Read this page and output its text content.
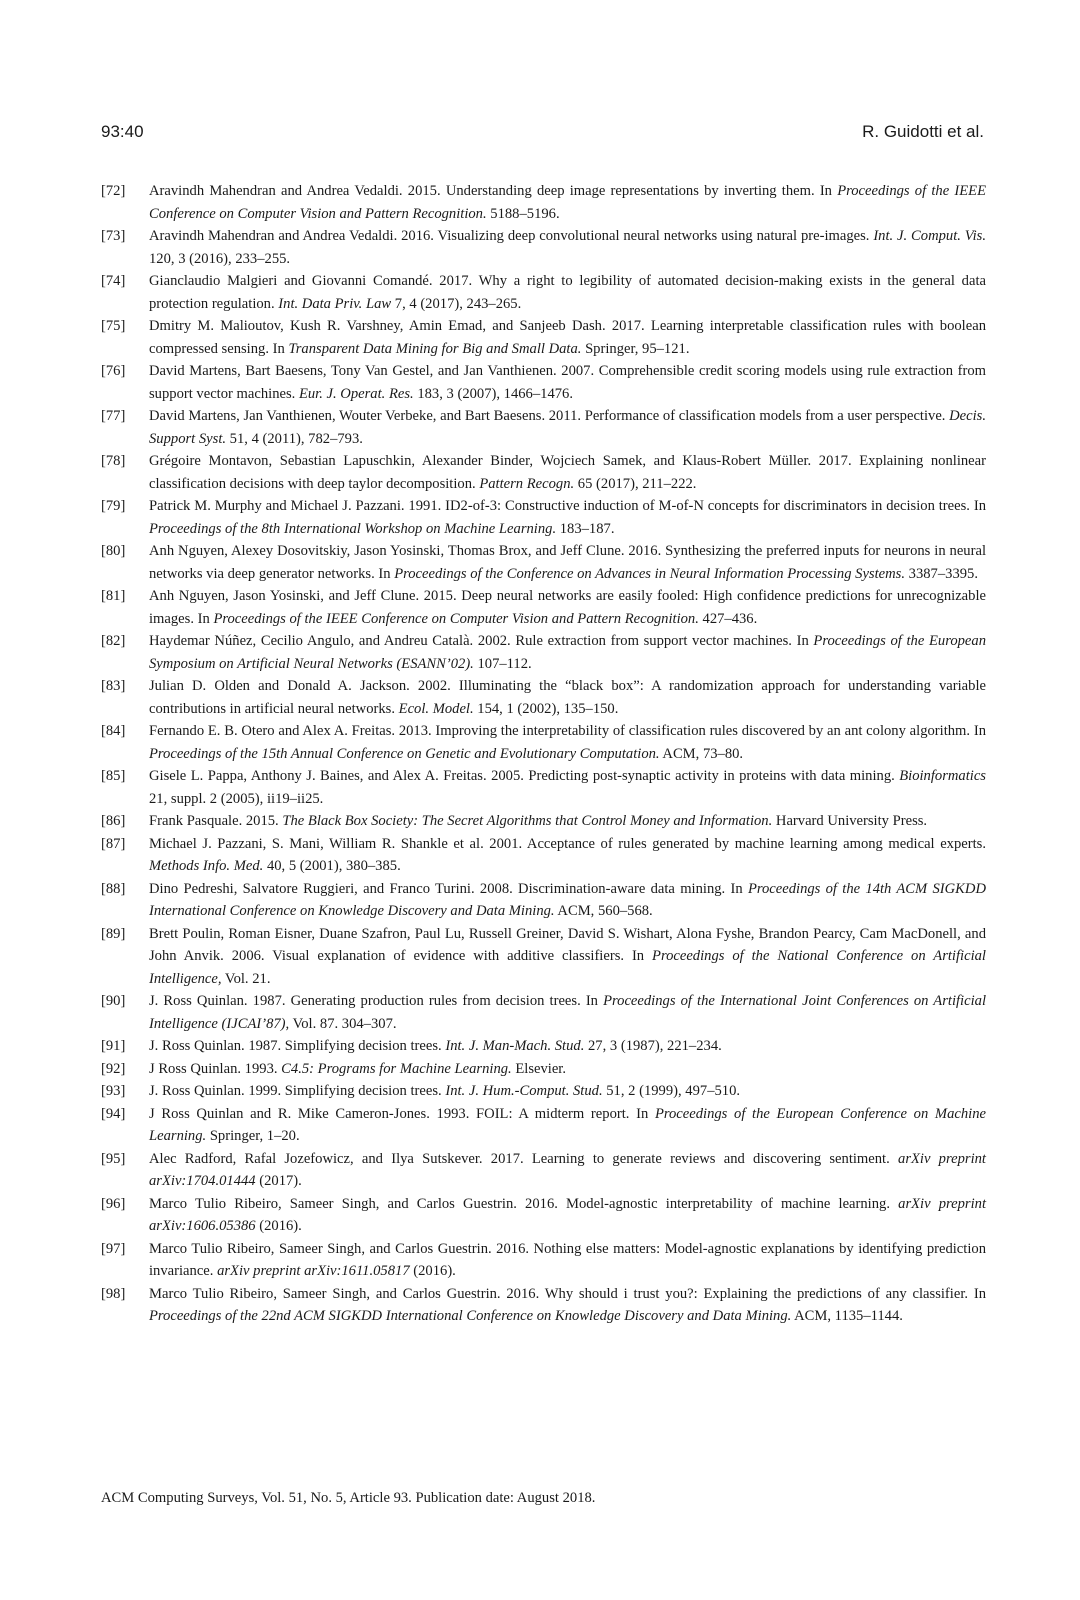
93:40	R. Guidotti et al.
[72] Aravindh Mahendran and Andrea Vedaldi. 2015. Understanding deep image representations by inverting them. In Proceedings of the IEEE Conference on Computer Vision and Pattern Recognition. 5188–5196.
[73] Aravindh Mahendran and Andrea Vedaldi. 2016. Visualizing deep convolutional neural networks using natural pre-images. Int. J. Comput. Vis. 120, 3 (2016), 233–255.
[74] Gianclaudio Malgieri and Giovanni Comandé. 2017. Why a right to legibility of automated decision-making exists in the general data protection regulation. Int. Data Priv. Law 7, 4 (2017), 243–265.
[75] Dmitry M. Malioutov, Kush R. Varshney, Amin Emad, and Sanjeeb Dash. 2017. Learning interpretable classification rules with boolean compressed sensing. In Transparent Data Mining for Big and Small Data. Springer, 95–121.
[76] David Martens, Bart Baesens, Tony Van Gestel, and Jan Vanthienen. 2007. Comprehensible credit scoring models using rule extraction from support vector machines. Eur. J. Operat. Res. 183, 3 (2007), 1466–1476.
[77] David Martens, Jan Vanthienen, Wouter Verbeke, and Bart Baesens. 2011. Performance of classification models from a user perspective. Decis. Support Syst. 51, 4 (2011), 782–793.
[78] Grégoire Montavon, Sebastian Lapuschkin, Alexander Binder, Wojciech Samek, and Klaus-Robert Müller. 2017. Explaining nonlinear classification decisions with deep taylor decomposition. Pattern Recogn. 65 (2017), 211–222.
[79] Patrick M. Murphy and Michael J. Pazzani. 1991. ID2-of-3: Constructive induction of M-of-N concepts for discriminators in decision trees. In Proceedings of the 8th International Workshop on Machine Learning. 183–187.
[80] Anh Nguyen, Alexey Dosovitskiy, Jason Yosinski, Thomas Brox, and Jeff Clune. 2016. Synthesizing the preferred inputs for neurons in neural networks via deep generator networks. In Proceedings of the Conference on Advances in Neural Information Processing Systems. 3387–3395.
[81] Anh Nguyen, Jason Yosinski, and Jeff Clune. 2015. Deep neural networks are easily fooled: High confidence predictions for unrecognizable images. In Proceedings of the IEEE Conference on Computer Vision and Pattern Recognition. 427–436.
[82] Haydemar Núñez, Cecilio Angulo, and Andreu Català. 2002. Rule extraction from support vector machines. In Proceedings of the European Symposium on Artificial Neural Networks (ESANN’02). 107–112.
[83] Julian D. Olden and Donald A. Jackson. 2002. Illuminating the “black box”: A randomization approach for understanding variable contributions in artificial neural networks. Ecol. Model. 154, 1 (2002), 135–150.
[84] Fernando E. B. Otero and Alex A. Freitas. 2013. Improving the interpretability of classification rules discovered by an ant colony algorithm. In Proceedings of the 15th Annual Conference on Genetic and Evolutionary Computation. ACM, 73–80.
[85] Gisele L. Pappa, Anthony J. Baines, and Alex A. Freitas. 2005. Predicting post-synaptic activity in proteins with data mining. Bioinformatics 21, suppl. 2 (2005), ii19–ii25.
[86] Frank Pasquale. 2015. The Black Box Society: The Secret Algorithms that Control Money and Information. Harvard University Press.
[87] Michael J. Pazzani, S. Mani, William R. Shankle et al. 2001. Acceptance of rules generated by machine learning among medical experts. Methods Info. Med. 40, 5 (2001), 380–385.
[88] Dino Pedreshi, Salvatore Ruggieri, and Franco Turini. 2008. Discrimination-aware data mining. In Proceedings of the 14th ACM SIGKDD International Conference on Knowledge Discovery and Data Mining. ACM, 560–568.
[89] Brett Poulin, Roman Eisner, Duane Szafron, Paul Lu, Russell Greiner, David S. Wishart, Alona Fyshe, Brandon Pearcy, Cam MacDonell, and John Anvik. 2006. Visual explanation of evidence with additive classifiers. In Proceedings of the National Conference on Artificial Intelligence, Vol. 21.
[90] J. Ross Quinlan. 1987. Generating production rules from decision trees. In Proceedings of the International Joint Conferences on Artificial Intelligence (IJCAI’87), Vol. 87. 304–307.
[91] J. Ross Quinlan. 1987. Simplifying decision trees. Int. J. Man-Mach. Stud. 27, 3 (1987), 221–234.
[92] J Ross Quinlan. 1993. C4.5: Programs for Machine Learning. Elsevier.
[93] J. Ross Quinlan. 1999. Simplifying decision trees. Int. J. Hum.-Comput. Stud. 51, 2 (1999), 497–510.
[94] J Ross Quinlan and R. Mike Cameron-Jones. 1993. FOIL: A midterm report. In Proceedings of the European Conference on Machine Learning. Springer, 1–20.
[95] Alec Radford, Rafal Jozefowicz, and Ilya Sutskever. 2017. Learning to generate reviews and discovering sentiment. arXiv preprint arXiv:1704.01444 (2017).
[96] Marco Tulio Ribeiro, Sameer Singh, and Carlos Guestrin. 2016. Model-agnostic interpretability of machine learning. arXiv preprint arXiv:1606.05386 (2016).
[97] Marco Tulio Ribeiro, Sameer Singh, and Carlos Guestrin. 2016. Nothing else matters: Model-agnostic explanations by identifying prediction invariance. arXiv preprint arXiv:1611.05817 (2016).
[98] Marco Tulio Ribeiro, Sameer Singh, and Carlos Guestrin. 2016. Why should i trust you?: Explaining the predictions of any classifier. In Proceedings of the 22nd ACM SIGKDD International Conference on Knowledge Discovery and Data Mining. ACM, 1135–1144.
ACM Computing Surveys, Vol. 51, No. 5, Article 93. Publication date: August 2018.
